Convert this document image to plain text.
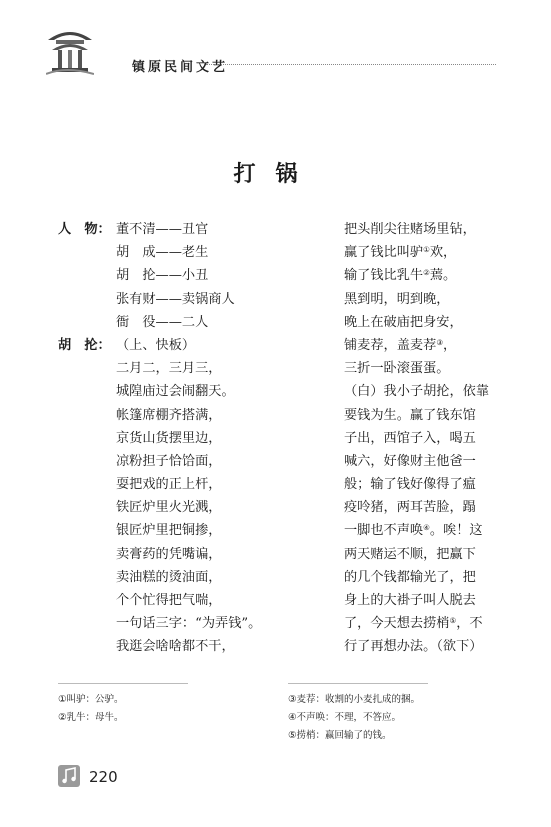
镇原民间文艺
打锅
人　物： 董不清——丑官
胡　成——老生
胡　抡——小丑
张有财——卖锅商人
衙　役——二人
胡　抡： （上、快板）
二月二，三月三，
城隍庙过会闹翻天。
帐篷席棚齐搭满，
京货山货摆里边，
凉粉担子恰饸面，
耍把戏的正上杆，
铁匠炉里火光溅，
银匠炉里把铜掺，
卖膏药的凭嘴谝，
卖油糕的烫油面，
个个忙得把气喘，
一句话三字：“为弄钱”。
我逛会啥啥都不干，
把头削尖往赌场里钻，
赢了钱比叫驴①欢，
输了钱比乳牛②蔫。
黑到明，明到晚，
晚上在破庙把身安，
铺麦荐，盖麦荐③，
三折一卧滚蛋蛋。
（白）我小子胡抡，依靠
要钱为生。赢了钱东馆
子出，西馆子入，喝五
喊六，好像财主他爸一
般；输了钱好像得了瘟
疫呤猪，两耳苦脸，蹋
一脚也不声唤④。唉！这
两天赌运不顺，把赢下
的几个钱都输光了，把
身上的大褂子叫人脱去
了，今天想去捞梢⑤，不
行了再想办法。（欲下）
①叫驴：公驴。
②乳牛：母牛。
③麦荐：收割的小麦扎成的捆。
④不声唤：不理，不答应。
⑤捞梢：赢回输了的钱。
220
